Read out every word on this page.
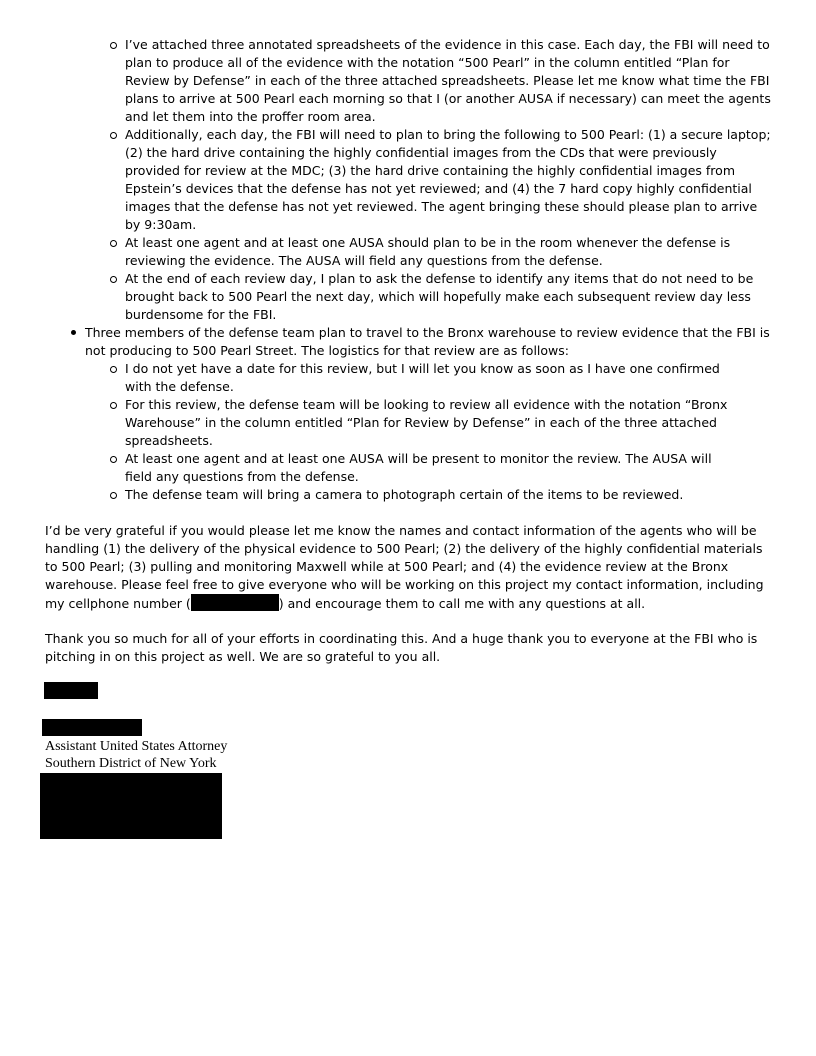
I’ve attached three annotated spreadsheets of the evidence in this case. Each day, the FBI will need to plan to produce all of the evidence with the notation “500 Pearl” in the column entitled “Plan for Review by Defense” in each of the three attached spreadsheets. Please let me know what time the FBI plans to arrive at 500 Pearl each morning so that I (or another AUSA if necessary) can meet the agents and let them into the proffer room area.
Additionally, each day, the FBI will need to plan to bring the following to 500 Pearl: (1) a secure laptop; (2) the hard drive containing the highly confidential images from the CDs that were previously provided for review at the MDC; (3) the hard drive containing the highly confidential images from Epstein’s devices that the defense has not yet reviewed; and (4) the 7 hard copy highly confidential images that the defense has not yet reviewed. The agent bringing these should please plan to arrive by 9:30am.
At least one agent and at least one AUSA should plan to be in the room whenever the defense is reviewing the evidence. The AUSA will field any questions from the defense.
At the end of each review day, I plan to ask the defense to identify any items that do not need to be brought back to 500 Pearl the next day, which will hopefully make each subsequent review day less burdensome for the FBI.
Three members of the defense team plan to travel to the Bronx warehouse to review evidence that the FBI is not producing to 500 Pearl Street. The logistics for that review are as follows:
I do not yet have a date for this review, but I will let you know as soon as I have one confirmed with the defense.
For this review, the defense team will be looking to review all evidence with the notation “Bronx Warehouse” in the column entitled “Plan for Review by Defense” in each of the three attached spreadsheets.
At least one agent and at least one AUSA will be present to monitor the review. The AUSA will field any questions from the defense.
The defense team will bring a camera to photograph certain of the items to be reviewed.

I’d be very grateful if you would please let me know the names and contact information of the agents who will be handling (1) the delivery of the physical evidence to 500 Pearl; (2) the delivery of the highly confidential materials to 500 Pearl; (3) pulling and monitoring Maxwell while at 500 Pearl; and (4) the evidence review at the Bronx warehouse. Please feel free to give everyone who will be working on this project my contact information, including my cellphone number (	) and encourage them to call me with any questions at all.

Thank you so much for all of your efforts in coordinating this. And a huge thank you to everyone at the FBI who is pitching in on this project as well. We are so grateful to you all.

Assistant United States Attorney

Southern District of New York
